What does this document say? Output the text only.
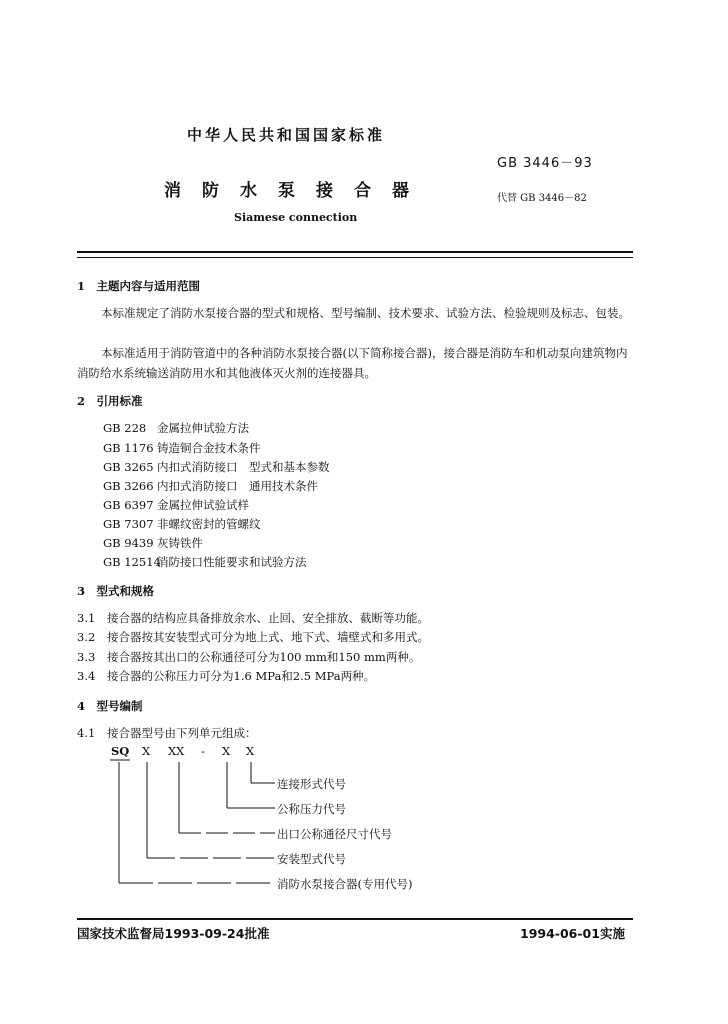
中华人民共和国国家标准
GB 3446－93
消防水泵接合器	代替 GB 3446－82
Siamese connection
1　主题内容与适用范围
本标准规定了消防水泵接合器的型式和规格、型号编制、技术要求、试验方法、检验规则及标志、包装。
本标准适用于消防管道中的各种消防水泵接合器(以下简称接合器)，接合器是消防车和机动泵向建筑物内消防给水系统输送消防用水和其他液体灭火剂的连接器具。
2　引用标准
GB 228 金属拉伸试验方法
GB 1176 铸造铜合金技术条件
GB 3265 内扣式消防接口　型式和基本参数
GB 3266 内扣式消防接口　通用技术条件
GB 6397 金属拉伸试验试样
GB 7307 非螺纹密封的管螺纹
GB 9439 灰铸铁件
GB 12514消防接口性能要求和试验方法
3　型式和规格
3.1 接合器的结构应具备排放余水、止回、安全排放、截断等功能。
3.2 接合器按其安装型式可分为地上式、地下式、墙壁式和多用式。
3.3 接合器按其出口的公称通径可分为100 mm和150 mm两种。
3.4 接合器的公称压力可分为1.6 MPa和2.5 MPa两种。
4　型号编制
4.1 接合器型号由下列单元组成：
SQ X XX - X X
连接形式代号
公称压力代号
出口公称通径尺寸代号
安装型式代号
消防水泵接合器(专用代号)
国家技术监督局1993-09-24批准	1994-06-01实施
